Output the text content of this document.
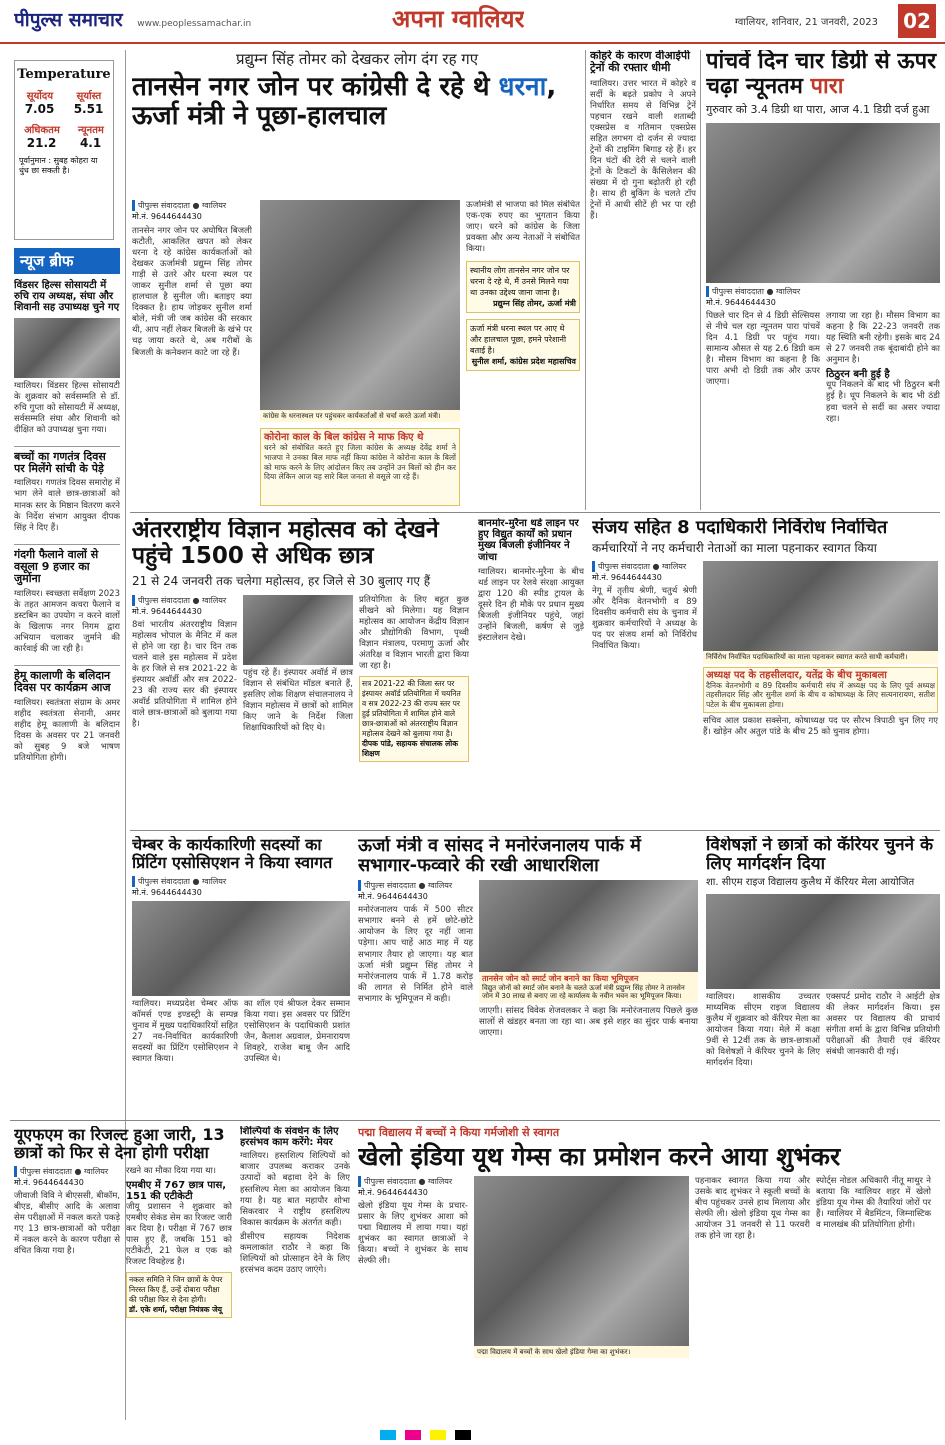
पीपुल्स समाचार www.peoplessamachar.in	अपना ग्वालियर	ग्वालियर, शनिवार, 21 जनवरी, 2023 02
Temperature
सूर्योदय सूर्यास्त
7.05 5.51
अधिकतम न्यूनतम
21.2 4.1
पूर्वानुमान : सुबह कोहरा या धुंध छा सकती है।
न्यूज ब्रीफ
विंडसर हिल्स सोसायटी में रुचि राय अध्यक्ष, संघा और शिवानी सह उपाध्यक्ष चुने गए
ग्वालियर। विंडसर हिल्स सोसायटी के शुक्रवार को सर्वसम्मति से डॉ. रुचि गुप्ता को सोसायटी में अध्यक्ष, सर्वसम्मति संघा और शिवानी को दीक्षित को उपाध्यक्ष चुना गया।
बच्चों का गणतंत्र दिवस पर मिलेंगे सांची के पेड़े
ग्वालियर। गणतंत्र दिवस समारोह में भाग लेने वाले छात्र-छात्राओं को मानक स्तर के मिष्ठान वितरण करने के निर्देश संभाग आयुक्त दीपक सिंह ने दिए हैं।
गंदगी फैलाने वालों से वसूला 9 हजार का जुर्माना
ग्वालियर। स्वच्छता सर्वेक्षण 2023 के तहत आमजन कचरा फैलाने व डस्टबिन का उपयोग न करने वालों के खिलाफ नगर निगम द्वारा अभियान चलाकर जुर्माने की कार्रवाई की जा रही है।
हेमू कालाणी के बलिदान दिवस पर कार्यक्रम आज
ग्वालियर। स्वतंत्रता संग्राम के अमर शहीद स्वतंत्रता सेनानी, अमर शहीद हेमू कालाणी के बलिदान दिवस के अवसर पर 21 जनवरी को सुबह 9 बजे भाषण प्रतियोगिता होगी।
प्रद्युम्न सिंह तोमर को देखकर लोग दंग रह गए
तानसेन नगर जोन पर कांग्रेसी दे रहे थे धरना, ऊर्जा मंत्री ने पूछा-हालचाल
पीपुल्स संवाददाता ● ग्वालियर
मो.नं. 9644644430
तानसेन नगर जोन पर अघोषित बिजली कटौती, आकलित खपत को लेकर धरना दे रहे कांग्रेस कार्यकर्ताओं को देखकर ऊर्जामंत्री प्रद्युम्न सिंह तोमर गाड़ी से उतरे और धरना स्थल पर जाकर सुनील शर्मा से पूछा क्या हालचाल है सुनील जी। बताइए क्या दिक्कत है। हाथ जोड़कर सुनील शर्मा बोले, मंत्री जी जब कांग्रेस की सरकार थी, आप नहीं लेकर बिजली के खंभे पर चढ़ जाया करते थे, अब गरीबों के बिजली के कनेक्शन काटे जा रहे हैं।
कांग्रेस के धरनास्थल पर पहुंचकर कार्यकर्ताओं से चर्चा करते ऊर्जा मंत्री।
कोरोना काल के बिल कांग्रेस ने माफ किए थे
धरने को संबोधित करते हुए जिला कांग्रेस के अध्यक्ष देवेंद्र शर्मा ने भाजपा ने उनका बिल माफ नहीं किया कांग्रेस ने कोरोना काल के बिलों को माफ करने के लिए आंदोलन किए तब उन्होंने उन बिलों को हीन कर दिया लेकिन आज यह सारे बिल जनता से वसूले जा रहे हैं।
ऊर्जामंत्री से भाजपा को मिल संबंधित एक-एक रुपए का भुगतान किया जाए। धरने को कांग्रेस के जिला प्रवक्ता और अन्य नेताओं ने संबोधित किया।
स्थानीय लोग तानसेन नगर जोन पर धरना दे रहे थे, मैं उनसे मिलने गया था उनका उद्देश्य जाना जाना है।
प्रद्युम्न सिंह तोमर, ऊर्जा मंत्री
ऊर्जा मंत्री धरना स्थल पर आए थे और हालचाल पूछा, हमने परेशानी बताई है।
सुनील शर्मा, कांग्रेस प्रदेश महासचिव
कोहरे के कारण वीआईपी ट्रेनों की रफ्तार धीमी
ग्वालियर। उत्तर भारत में कोहरे व सर्दी के बढ़ते प्रकोप ने अपने निर्धारित समय से विभिन्न ट्रेनें पहचान रखने वाली शताब्दी एक्सप्रेस व गतिमान एक्सप्रेस सहित लगभग दो दर्जन से ज्यादा ट्रेनों की टाइमिंग बिगाड़ रहे हैं। हर दिन घंटों की देरी से चलने वाली ट्रेनों के टिकटों के कैंसिलेशन की संख्या में दो गुना बढ़ोतरी हो रही है। साथ ही बुकिंग के चलते टॉप ट्रेनों में आधी सीटें ही भर पा रही हैं।
पांचवें दिन चार डिग्री से ऊपर चढ़ा न्यूनतम पारा
गुरुवार को 3.4 डिग्री था पारा, आज 4.1 डिग्री दर्ज हुआ
पीपुल्स संवाददाता ● ग्वालियर
मो.नं. 9644644430
पिछले चार दिन से 4 डिग्री सेल्सियस से नीचे चल रहा न्यूनतम पारा पांचवें दिन 4.1 डिग्री पर पहुंच गया। सामान्य औसत से यह 2.6 डिग्री कम है। मौसम विभाग का कहना है कि पारा अभी दो डिग्री तक और ऊपर जाएगा।
लगाया जा रहा है। मौसम विभाग का कहना है कि 22-23 जनवरी तक यह स्थिति बनी रहेगी। इसके बाद 24 से 27 जनवरी तक बूंदाबांदी होने का अनुमान है।
ठिठुरन बनी हुई है
धूप निकलने के बाद भी ठिठुरन बनी हुई है। धूप निकलने के बाद भी ठंडी हवा चलने से सर्दी का असर ज्यादा रहा।
अंतरराष्ट्रीय विज्ञान महोत्सव को देखने पहुंचे 1500 से अधिक छात्र
21 से 24 जनवरी तक चलेगा महोत्सव, हर जिले से 30 बुलाए गए हैं
पीपुल्स संवाददाता ● ग्वालियर
मो.नं. 9644644430
8वां भारतीय अंतरराष्ट्रीय विज्ञान महोत्सव भोपाल के मैनिट में कल से होने जा रहा है। चार दिन तक चलने वाले इस महोत्सव में प्रदेश के हर जिले से सत्र 2021-22 के इंस्पायर अवॉर्डी और सत्र 2022-23 की राज्य स्तर की इंस्पायर अवॉर्ड प्रतियोगिता में शामिल होने वाले छात्र-छात्राओं को बुलाया गया है।
पहुंच रहे हैं। इंस्पायर अवॉर्ड में छात्र विज्ञान से संबंधित मॉडल बनाते हैं, इसलिए लोक शिक्षण संचालनालय ने विज्ञान महोत्सव में छात्रों को शामिल किए जाने के निर्देश जिला शिक्षाधिकारियों को दिए थे।
प्रतियोगिता के लिए बहुत कुछ सीखने को मिलेगा। यह विज्ञान महोत्सव का आयोजन केंद्रीय विज्ञान और प्रौद्योगिकी विभाग, पृथ्वी विज्ञान मंत्रालय, परमाणु ऊर्जा और अंतरिक्ष व विज्ञान भारती द्वारा किया जा रहा है।
सत्र 2021-22 की जिला स्तर पर इंस्पायर अवॉर्ड प्रतियोगिता में चयनित व सत्र 2022-23 की राज्य स्तर पर हुई प्रतियोगिता में शामिल होने वाले छात्र-छात्राओं को अंतरराष्ट्रीय विज्ञान महोत्सव देखने को बुलाया गया है।
दीपक पांडे, सहायक संचालक लोक शिक्षण
बानमोर-मुरैना थर्ड लाइन पर हुए विद्युत कार्यों को प्रधान मुख्य बिजली इंजीनियर ने जांचा
ग्वालियर। बानमोर-मुरैना के बीच थर्ड लाइन पर रेलवे संरक्षा आयुक्त द्वारा 120 की स्पीड ट्रायल के दूसरे दिन ही मौके पर प्रधान मुख्य बिजली इंजीनियर पहुंचे, जहां उन्होंने बिजली, कर्षण से जुड़े इंस्टालेशन देखे।
संजय सहित 8 पदाधिकारी निर्विरोध निर्वाचित
कर्मचारियों ने नए कर्मचारी नेताओं का माला पहनाकर स्वागत किया
पीपुल्स संवाददाता ● ग्वालियर
मो.नं. 9644644430
नेगू में तृतीय श्रेणी, चतुर्थ श्रेणी और दैनिक वेतनभोगी व 89 दिवसीय कर्मचारी संघ के चुनाव में शुक्रवार कर्मचारियों ने अध्यक्ष के पद पर संजय शर्मा को निर्विरोध निर्वाचित किया।
निर्विरोध निर्वाचित पदाधिकारियों का माला पहनाकर स्वागत करते साथी कर्मचारी।
अध्यक्ष पद के तहसीलदार, यतेंद्र के बीच मुकाबला
दैनिक वेतनभोगी व 89 दिवसीय कर्मचारी संघ में अध्यक्ष पद के लिए पूर्व अध्यक्ष तहसीलदार सिंह और सुनील शर्मा के बीच व कोषाध्यक्ष के लिए सत्यनारायण, सतीश पटेल के बीच मुकाबला होगा।
सचिव आल प्रकाश सक्सेना, कोषाध्यक्ष पद पर सौरभ त्रिपाठी चुन लिए गए हैं। खोड़ेन और अतुल पांडे के बीच 25 को चुनाव होगा।
चेम्बर के कार्यकारिणी सदस्यों का प्रिंटिंग एसोसिएशन ने किया स्वागत
पीपुल्स संवाददाता ● ग्वालियर
मो.नं. 9644644430
ग्वालियर। मध्यप्रदेश चेम्बर ऑफ कॉमर्स एण्ड इण्डस्ट्री के सम्पन्न चुनाव में मुख्य पदाधिकारियों सहित 27 नव-निर्वाचित कार्यकारिणी सदस्यों का प्रिंटिंग एसोसिएशन ने स्वागत किया।
का शॉल एवं श्रीफल देकर सम्मान किया गया। इस अवसर पर प्रिंटिंग एसोसिएशन के पदाधिकारी प्रशांत जैन, कैलाश अग्रवाल, प्रेमनारायण शिवहरे, राजेश बाबू जैन आदि उपस्थित थे।
ऊर्जा मंत्री व सांसद ने मनोरंजनालय पार्क में सभागार-फव्वारे की रखी आधारशिला
पीपुल्स संवाददाता ● ग्वालियर
मो.नं. 9644644430
मनोरंजनालय पार्क में 500 सीटर सभागार बनने से हमें छोटे-छोटे आयोजन के लिए दूर नहीं जाना पड़ेगा। आप चाहें आठ माह में यह सभागार तैयार हो जाएगा। यह बात ऊर्जा मंत्री प्रद्युम्न सिंह तोमर ने मनोरंजनालय पार्क में 1.78 करोड़ की लागत से निर्मित होने वाले सभागार के भूमिपूजन में कही।
तानसेन जोन को स्मार्ट जोन बनाने का किया भूमिपूजन
विद्युत जोनों को स्मार्ट जोन बनाने के चलते ऊर्जा मंत्री प्रद्युम्न सिंह तोमर ने तानसेन जोन में 30 लाख से बनाए जा रहे कार्यालय के नवीन भवन का भूमिपूजन किया।
जाएगी। सांसद विवेक शेजवलकर ने कहा कि मनोरंजनालय पिछले कुछ सालों से खंडहर बनता जा रहा था। अब इसे शहर का सुंदर पार्क बनाया जाएगा।
विशेषज्ञों ने छात्रों को कॅरियर चुनने के लिए मार्गदर्शन दिया
शा. सीएम राइज विद्यालय कुलैथ में कॅरियर मेला आयोजित
ग्वालियर। शासकीय उच्चतर माध्यमिक सीएम राइज विद्यालय कुलैथ में शुक्रवार को कॅरियर मेला का आयोजन किया गया। मेले में कक्षा 9वीं से 12वीं तक के छात्र-छात्राओं को विशेषज्ञों ने कॅरियर चुनने के लिए मार्गदर्शन दिया।
एक्सपर्ट प्रमोद राठौर ने आईटी क्षेत्र की लेकर मार्गदर्शन किया। इस अवसर पर विद्यालय की प्राचार्य संगीता शर्मा के द्वारा विभिन्न प्रतियोगी परीक्षाओं की तैयारी एवं कॅरियर संबंधी जानकारी दी गई।
यूएफएम का रिजल्ट हुआ जारी, 13 छात्रों को फिर से देना होगी परीक्षा
पीपुल्स संवाददाता ● ग्वालियर
मो.नं. 9644644430
जीवाजी विवि ने बीएससी, बीकॉम, बीएड, बीसीए आदि के अलावा सेम परीक्षाओं में नकल करते पकड़े गए 13 छात्र-छात्राओं को परीक्षा में नकल करने के कारण परीक्षा से वंचित किया गया है।
रखने का मौका दिया गया था।
एमबीए में 767 छात्र पास, 151 की एटीकेटी
जीयू प्रशासन ने शुक्रवार को एमबीए सेकंड सेम का रिजल्ट जारी कर दिया है। परीक्षा में 767 छात्र पास हुए हैं, जबकि 151 को एटीकेटी, 21 फेल व एक को रिजल्ट विथहेल्ड है।
नकल समिति ने जिन छात्रों के पेपर निरस्त किए हैं, उन्हें दोबारा परीक्षा की परीक्षा फिर से देना होगी।
डॉ. एके शर्मा, परीक्षा नियंत्रक जेयू
शिल्पियों के संवर्धन के लिए हरसंभव काम करेंगे: मेयर
ग्वालियर। हस्तशिल्प शिल्पियों को बाजार उपलब्ध कराकर उनके उत्पादों को बढ़ावा देने के लिए हस्तशिल्प मेला का आयोजन किया गया है। यह बात महापौर शोभा सिकरवार ने राष्ट्रीय हस्तशिल्प विकास कार्यक्रम के अंतर्गत कही।
डीसीएच सहायक निदेशक कमलाकांत राठौर ने कहा कि शिल्पियों को प्रोत्साहन देने के लिए हरसंभव कदम उठाए जाएंगे।
पद्मा विद्यालय में बच्चों ने किया गर्मजोशी से स्वागत
खेलो इंडिया यूथ गेम्स का प्रमोशन करने आया शुभंकर
पीपुल्स संवाददाता ● ग्वालियर
मो.नं. 9644644430
खेलो इंडिया यूथ गेम्स के प्रचार-प्रसार के लिए शुभंकर आशा को पद्मा विद्यालय में लाया गया। यहां शुभंकर का स्वागत छात्राओं ने किया। बच्चों ने शुभंकर के साथ सेल्फी ली।
पद्मा विद्यालय में बच्चों के साथ खेलो इंडिया गेम्स का शुभंकर।
पहनाकर स्वागत किया गया और उसके बाद शुभंकर ने स्कूली बच्चों के बीच पहुंचकर उनसे हाथ मिलाया और सेल्फी ली। खेलो इंडिया यूथ गेम्स का आयोजन 31 जनवरी से 11 फरवरी तक होने जा रहा है।
स्पोर्ट्स नोडल अधिकारी नीतू माथुर ने बताया कि ग्वालियर शहर में खेलो इंडिया यूथ गेम्स की तैयारियां जोरों पर हैं। ग्वालियर में बैडमिंटन, जिम्नास्टिक व मालखंब की प्रतियोगिता होगी।
